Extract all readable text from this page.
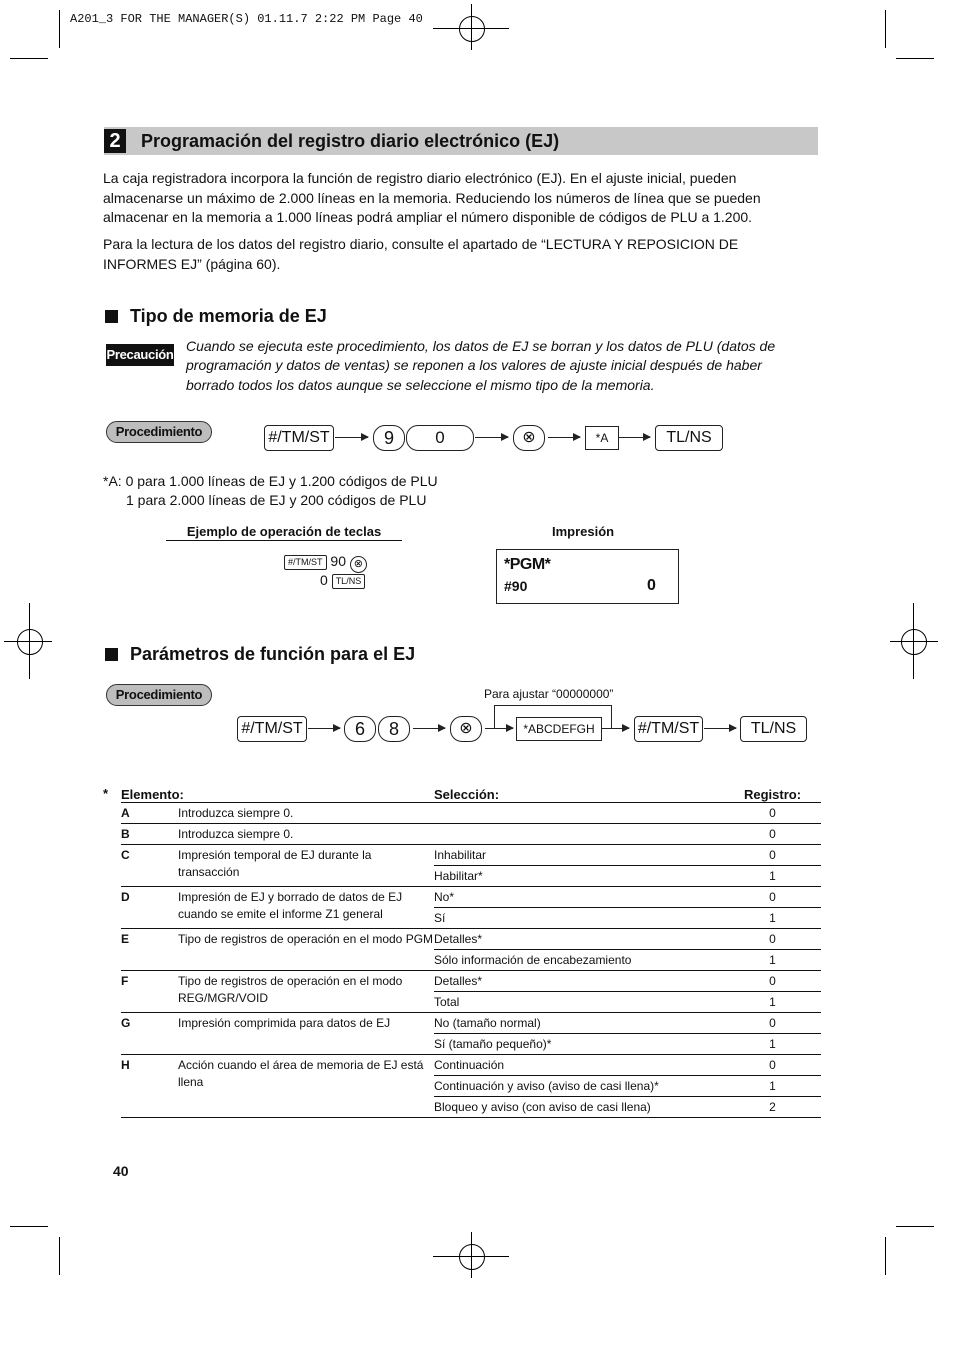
A201_3 FOR THE MANAGER(S) 01.11.7 2:22 PM Page 40
2	Programación del registro diario electrónico (EJ)
La caja registradora incorpora la función de registro diario electrónico (EJ). En el ajuste inicial, pueden almacenarse un máximo de 2.000 líneas en la memoria. Reduciendo los números de línea que se pueden almacenar en la memoria a 1.000 líneas podrá ampliar el número disponible de códigos de PLU a 1.200.
Para la lectura de los datos del registro diario, consulte el apartado de “LECTURA Y REPOSICION DE INFORMES EJ” (página 60).
Tipo de memoria de EJ
Precaución
Cuando se ejecuta este procedimiento, los datos de EJ se borran y los datos de PLU (datos de programación y datos de ventas) se reponen a los valores de ajuste inicial después de haber borrado todos los datos aunque se seleccione el mismo tipo de la memoria.
Procedimiento	#/TM/ST	9	0	⊗	*A	TL/NS
*A: 0 para 1.000 líneas de EJ y 1.200 códigos de PLU
1 para 2.000 líneas de EJ y 200 códigos de PLU
Ejemplo de operación de teclas	Impresión
#/TM/ST 90 ⊗
0 TL/NS
*PGM*
#90	0
Parámetros de función para el EJ
Procedimiento	Para ajustar “00000000”
#/TM/ST	6	8	⊗	*ABCDEFGH	#/TM/ST	TL/NS
* Elemento:		Selección:	Registro:
A	Introduzca siempre 0.		0
B	Introduzca siempre 0.		0
C	Impresión temporal de EJ durante la transacción	Inhabilitar	0
		Habilitar*	1
D	Impresión de EJ y borrado de datos de EJ cuando se emite el informe Z1 general	No*	0
		Sí	1
E	Tipo de registros de operación en el modo PGM	Detalles*	0
		Sólo información de encabezamiento	1
F	Tipo de registros de operación en el modo REG/MGR/VOID	Detalles*	0
		Total	1
G	Impresión comprimida para datos de EJ	No (tamaño normal)	0
		Sí (tamaño pequeño)*	1
H	Acción cuando el área de memoria de EJ está llena	Continuación	0
		Continuación y aviso (aviso de casi llena)*	1
		Bloqueo y aviso (con aviso de casi llena)	2
40
